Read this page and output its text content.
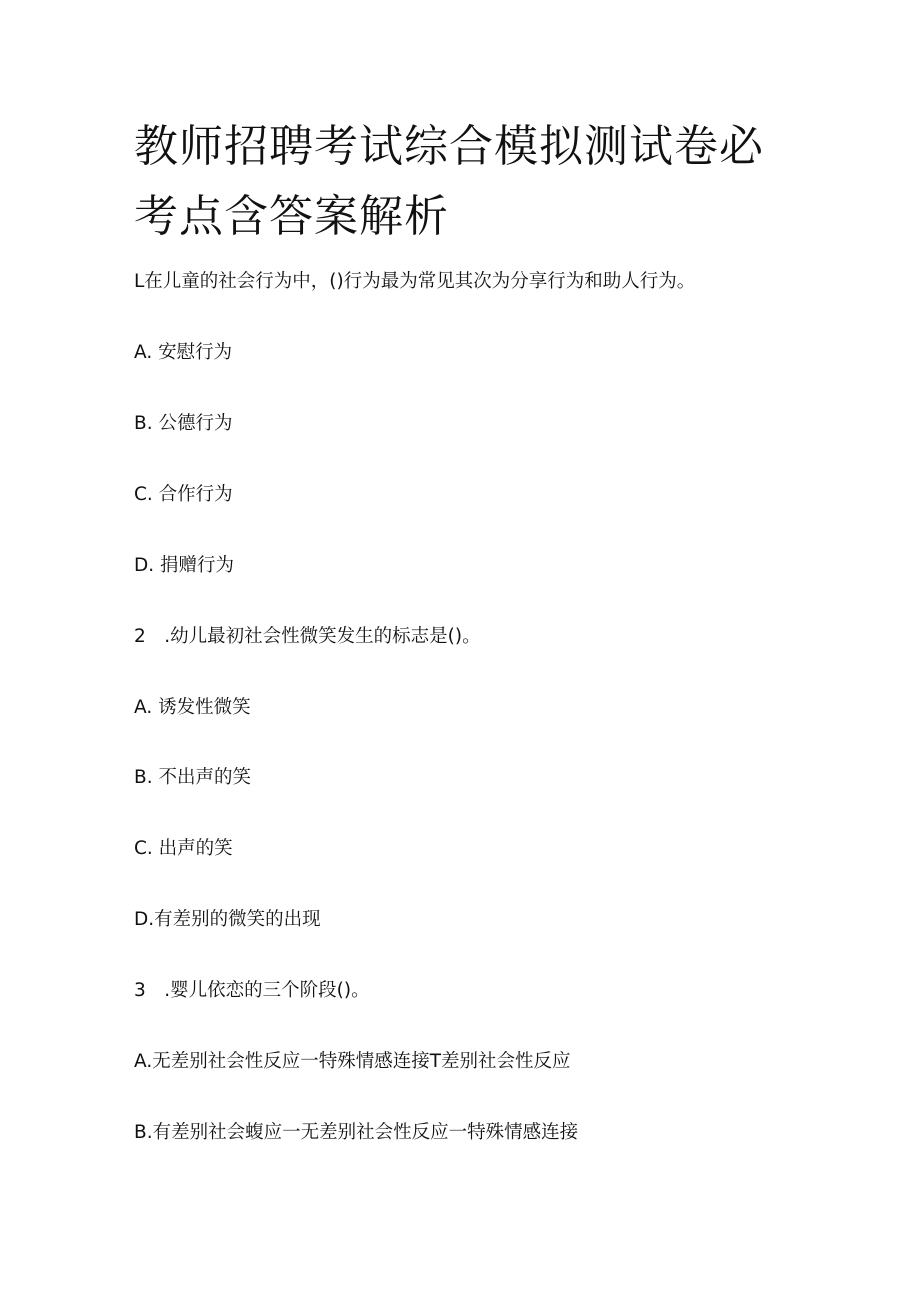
教师招聘考试综合模拟测试卷必考点含答案解析
L在儿童的社会行为中，()行为最为常见其次为分享行为和助人行为。
A. 安慰行为
B. 公德行为
C. 合作行为
D. 捐赠行为
2　.幼儿最初社会性微笑发生的标志是()。
A. 诱发性微笑
B. 不出声的笑
C. 出声的笑
D.有差别的微笑的出现
3　.婴儿依恋的三个阶段()。
A.无差别社会性反应一特殊情感连接T差别社会性反应
B.有差别社会蝮应一无差别社会性反应一特殊情感连接
